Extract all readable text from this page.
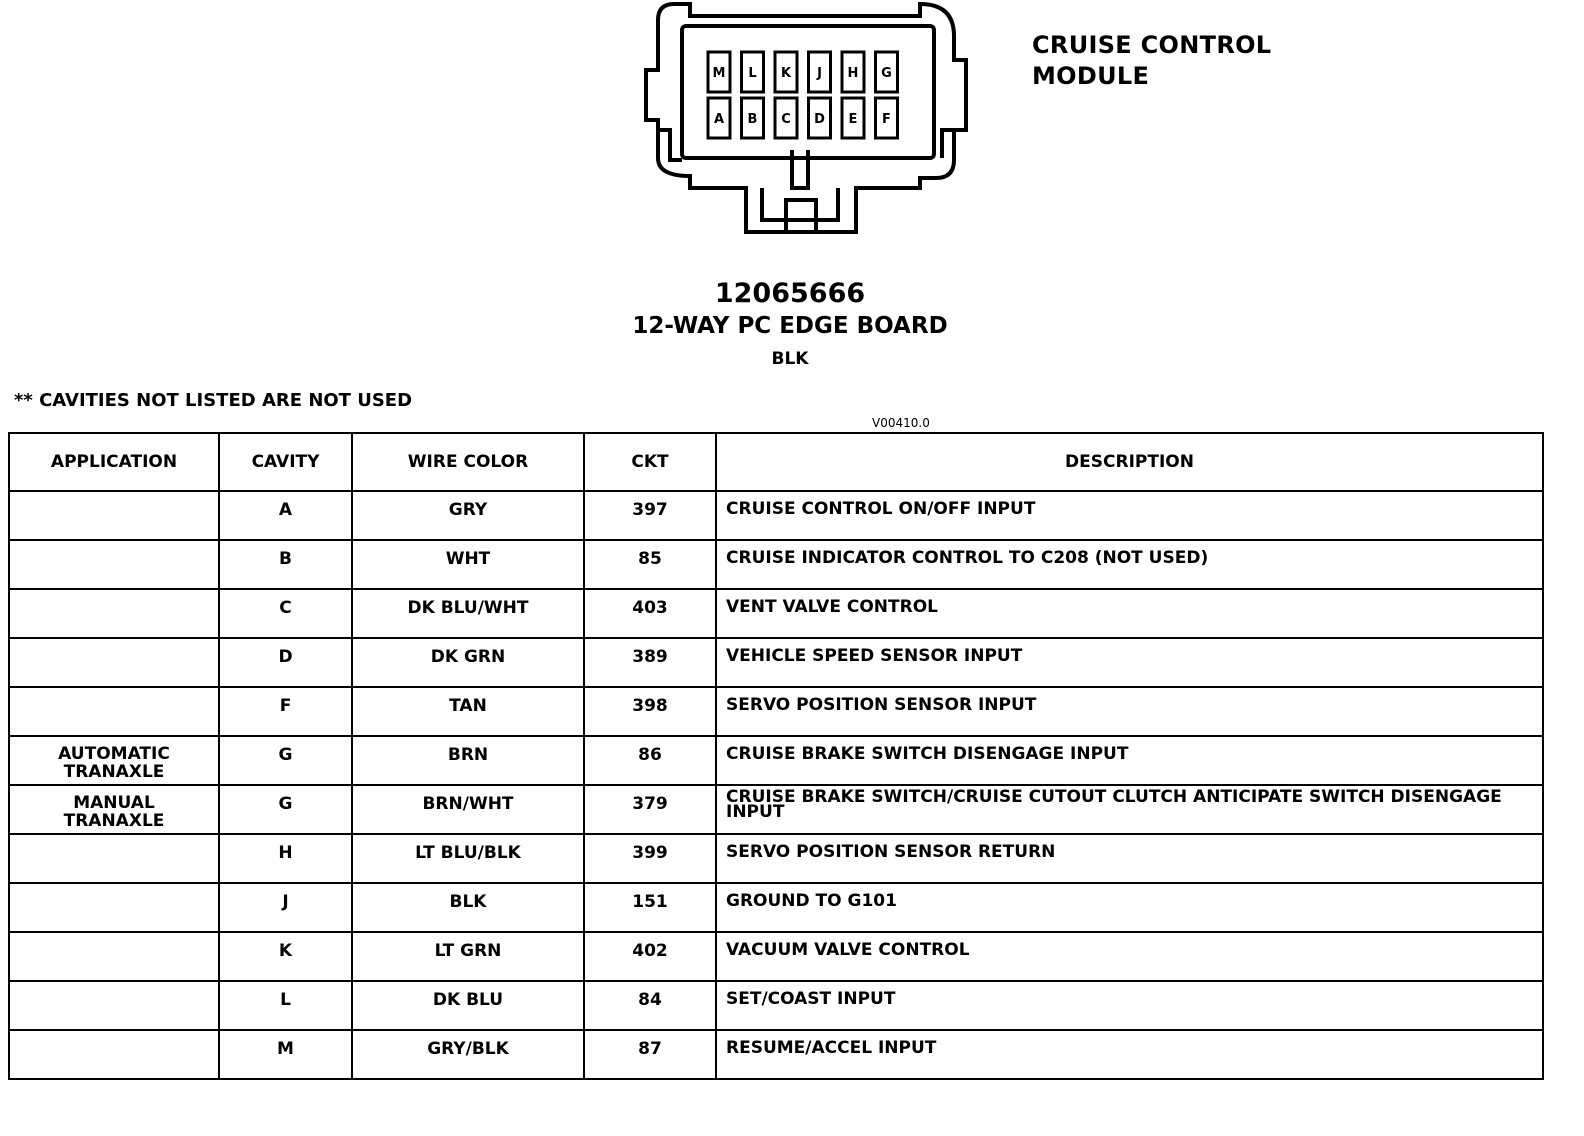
M L K J H G
A B C D E F
CRUISE CONTROL
MODULE
12065666
12-WAY PC EDGE BOARD
BLK
** CAVITIES NOT LISTED ARE NOT USED
V00410.0
APPLICATION	CAVITY	WIRE COLOR	CKT	DESCRIPTION

	A	GRY	397	CRUISE CONTROL ON/OFF INPUT

	B	WHT	85	CRUISE INDICATOR CONTROL TO C208 (NOT USED)

	C	DK BLU/WHT	403	VENT VALVE CONTROL

	D	DK GRN	389	VEHICLE SPEED SENSOR INPUT

	F	TAN	398	SERVO POSITION SENSOR INPUT

AUTOMATIC
TRANAXLE	G	BRN	86	CRUISE BRAKE SWITCH DISENGAGE INPUT

MANUAL
TRANAXLE	G	BRN/WHT	379	CRUISE BRAKE SWITCH/CRUISE CUTOUT CLUTCH ANTICIPATE SWITCH DISENGAGE INPUT

	H	LT BLU/BLK	399	SERVO POSITION SENSOR RETURN

	J	BLK	151	GROUND TO G101

	K	LT GRN	402	VACUUM VALVE CONTROL

	L	DK BLU	84	SET/COAST INPUT

	M	GRY/BLK	87	RESUME/ACCEL INPUT
